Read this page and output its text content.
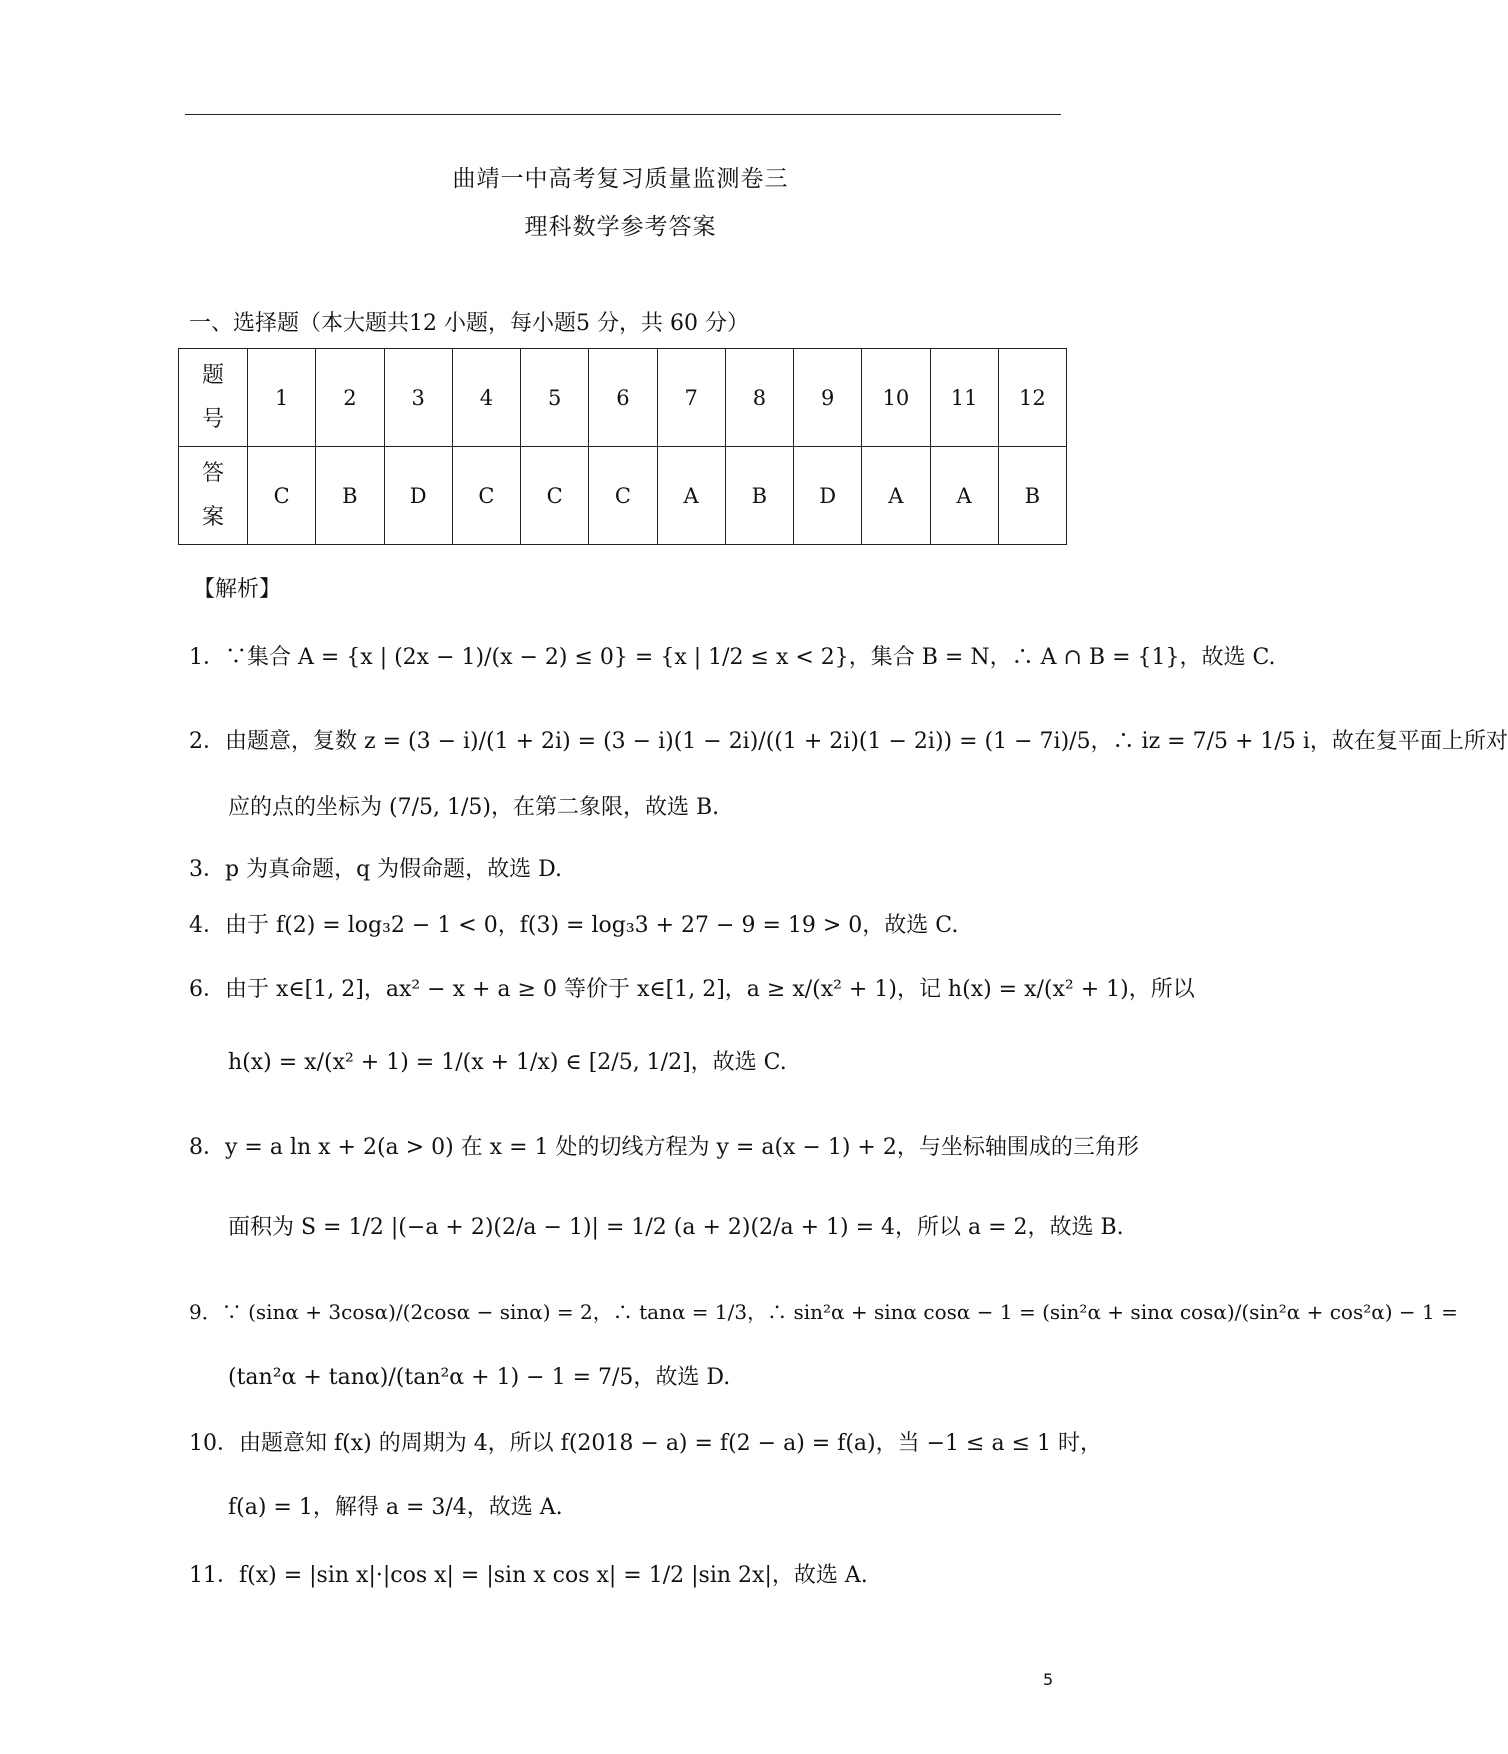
曲靖一中高考复习质量监测卷三
理科数学参考答案
一、选择题（本大题共12 小题，每小题5 分，共 60 分）
题
号	1	2	3	4	5	6	7	8	9	10	11	12
答
案	C	B	D	C	C	C	A	B	D	A	A	B
【解析】
1．∵集合 A = {x | (2x − 1)/(x − 2) ≤ 0} = {x | 1/2 ≤ x < 2}，集合 B = N，∴ A ∩ B = {1}，故选 C.
2．由题意，复数 z = (3 − i)/(1 + 2i) = (3 − i)(1 − 2i)/((1 + 2i)(1 − 2i)) = (1 − 7i)/5，∴ iz = 7/5 + 1/5 i，故在复平面上所对
应的点的坐标为 (7/5, 1/5)，在第二象限，故选 B.
3．p 为真命题，q 为假命题，故选 D.
4．由于 f(2) = log₃2 − 1 < 0，f(3) = log₃3 + 27 − 9 = 19 > 0，故选 C.
6．由于 x∈[1, 2]，ax² − x + a ≥ 0 等价于 x∈[1, 2]，a ≥ x/(x² + 1)，记 h(x) = x/(x² + 1)，所以
h(x) = x/(x² + 1) = 1/(x + 1/x) ∈ [2/5, 1/2]，故选 C.
8．y = a ln x + 2(a > 0) 在 x = 1 处的切线方程为 y = a(x − 1) + 2，与坐标轴围成的三角形
面积为 S = 1/2 |(−a + 2)(2/a − 1)| = 1/2 (a + 2)(2/a + 1) = 4，所以 a = 2，故选 B.
9．∵ (sinα + 3cosα)/(2cosα − sinα) = 2，∴ tanα = 1/3，∴ sin²α + sinα cosα − 1 = (sin²α + sinα cosα)/(sin²α + cos²α) − 1 =
(tan²α + tanα)/(tan²α + 1) − 1 = 7/5，故选 D.
10．由题意知 f(x) 的周期为 4，所以 f(2018 − a) = f(2 − a) = f(a)，当 −1 ≤ a ≤ 1 时，
f(a) = 1，解得 a = 3/4，故选 A.
11．f(x) = |sin x|·|cos x| = |sin x cos x| = 1/2 |sin 2x|，故选 A.
5
